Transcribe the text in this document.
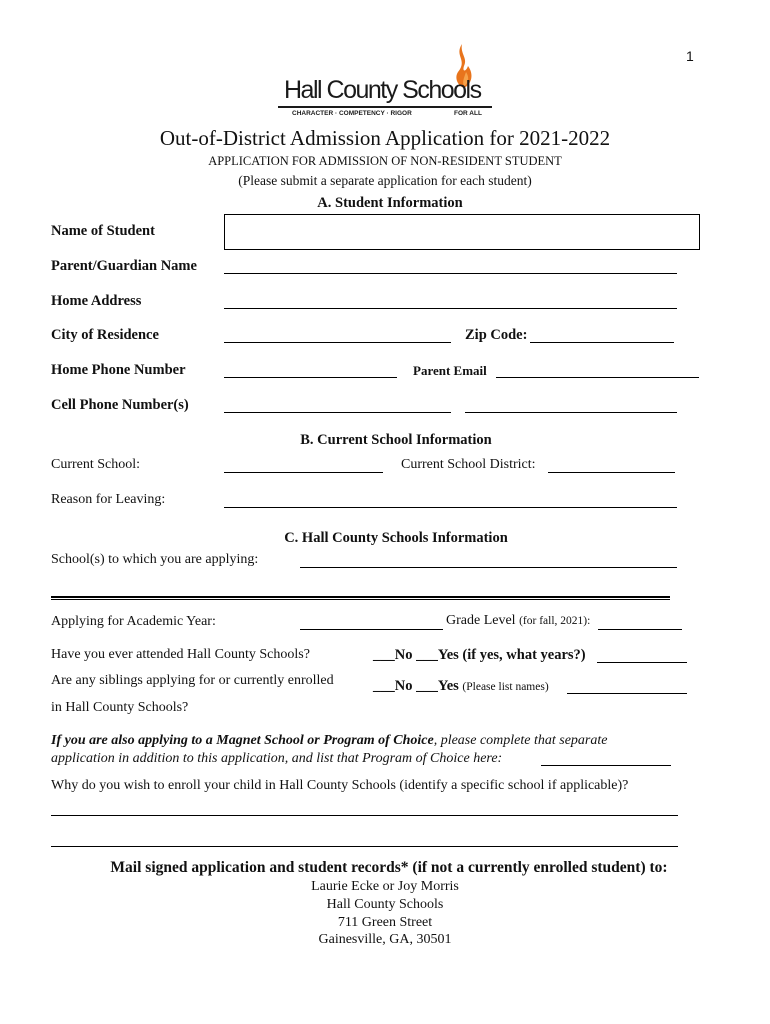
1
Hall County Schools
CHARACTER · COMPETENCY · RIGOR	FOR ALL
Out-of-District Admission Application for 2021-2022
APPLICATION FOR ADMISSION OF NON-RESIDENT STUDENT
(Please submit a separate application for each student)
A. Student Information
Name of Student
Parent/Guardian Name
Home Address
City of Residence	Zip Code:
Home Phone Number	Parent Email
Cell Phone Number(s)
B. Current School Information
Current School:	Current School District:
Reason for Leaving:
C. Hall County Schools Information
School(s) to which you are applying:
Applying for Academic Year:	Grade Level (for fall, 2021):
Have you ever attended Hall County Schools?	___No ___Yes (if yes, what years?)
Are any siblings applying for or currently enrolled	___No ___Yes (Please list names)
in Hall County Schools?
If you are also applying to a Magnet School or Program of Choice, please complete that separate
application in addition to this application, and list that Program of Choice here:
Why do you wish to enroll your child in Hall County Schools (identify a specific school if applicable)?
Mail signed application and student records* (if not a currently enrolled student) to:
Laurie Ecke or Joy Morris
Hall County Schools
711 Green Street
Gainesville, GA, 30501
